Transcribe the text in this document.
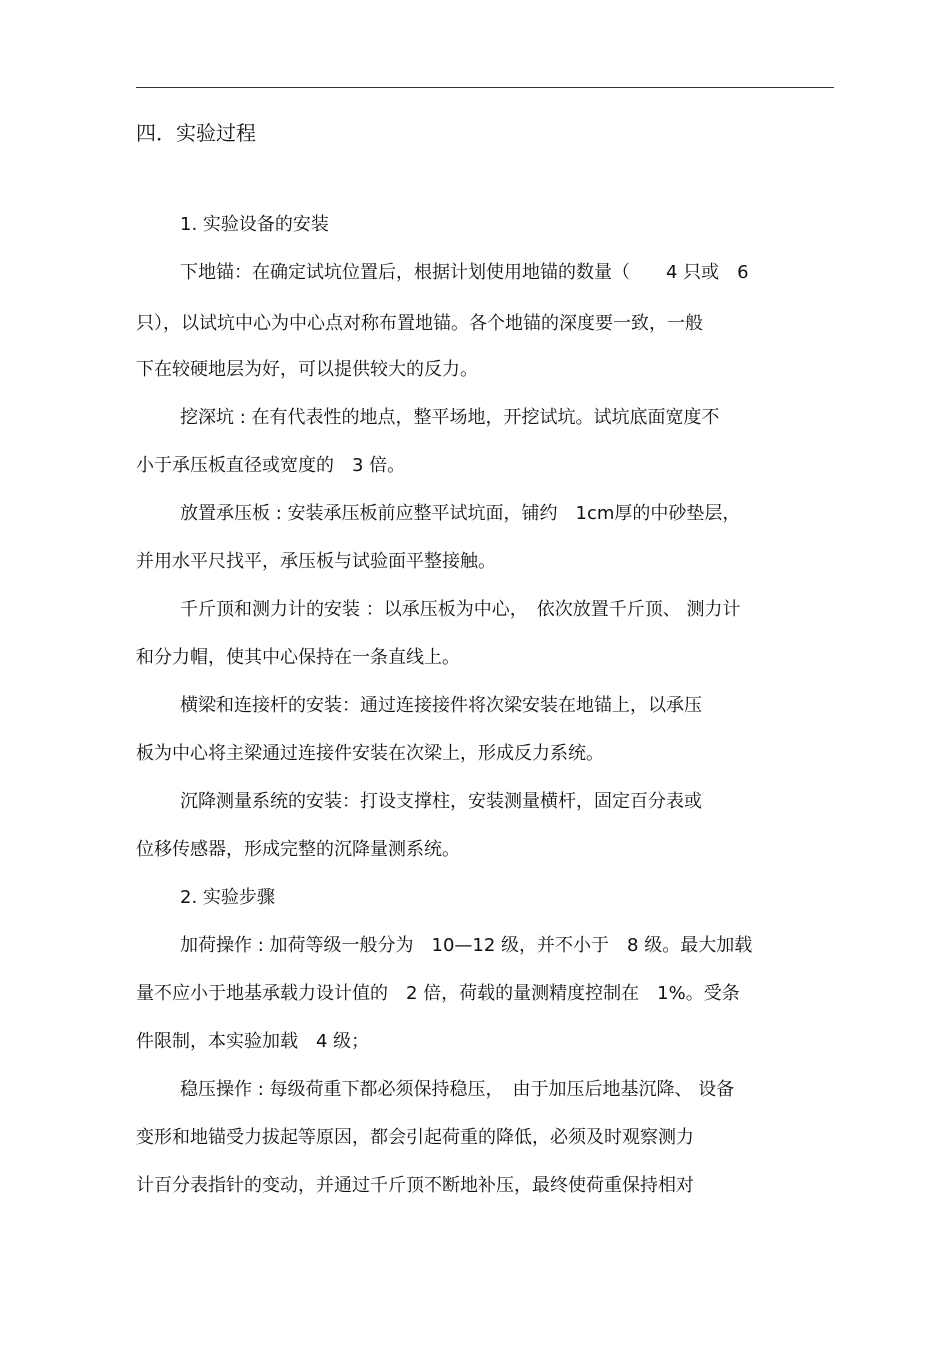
四．实验过程
1. 实验设备的安装
下地锚：在确定试坑位置后，根据计划使用地锚的数量（　　4 只或　6
只），以试坑中心为中心点对称布置地锚。各个地锚的深度要一致，一般
下在较硬地层为好，可以提供较大的反力。
挖深坑 : 在有代表性的地点，整平场地，开挖试坑。试坑底面宽度不
小于承压板直径或宽度的　3 倍。
放置承压板 : 安装承压板前应整平试坑面，铺约　1cm厚的中砂垫层，
并用水平尺找平，承压板与试验面平整接触。
千斤顶和测力计的安装 ：以承压板为中心，　依次放置千斤顶、 测力计
和分力帽，使其中心保持在一条直线上。
横梁和连接杆的安装：通过连接接件将次梁安装在地锚上，以承压
板为中心将主梁通过连接件安装在次梁上，形成反力系统。
沉降测量系统的安装：打设支撑柱，安装测量横杆，固定百分表或
位移传感器，形成完整的沉降量测系统。
2. 实验步骤
加荷操作 : 加荷等级一般分为　10—12 级，并不小于　8 级。最大加载
量不应小于地基承载力设计值的　2 倍，荷载的量测精度控制在　1%。受条
件限制，本实验加载　4 级；
稳压操作 : 每级荷重下都必须保持稳压，　由于加压后地基沉降、 设备
变形和地锚受力拔起等原因，都会引起荷重的降低，必须及时观察测力
计百分表指针的变动，并通过千斤顶不断地补压，最终使荷重保持相对
